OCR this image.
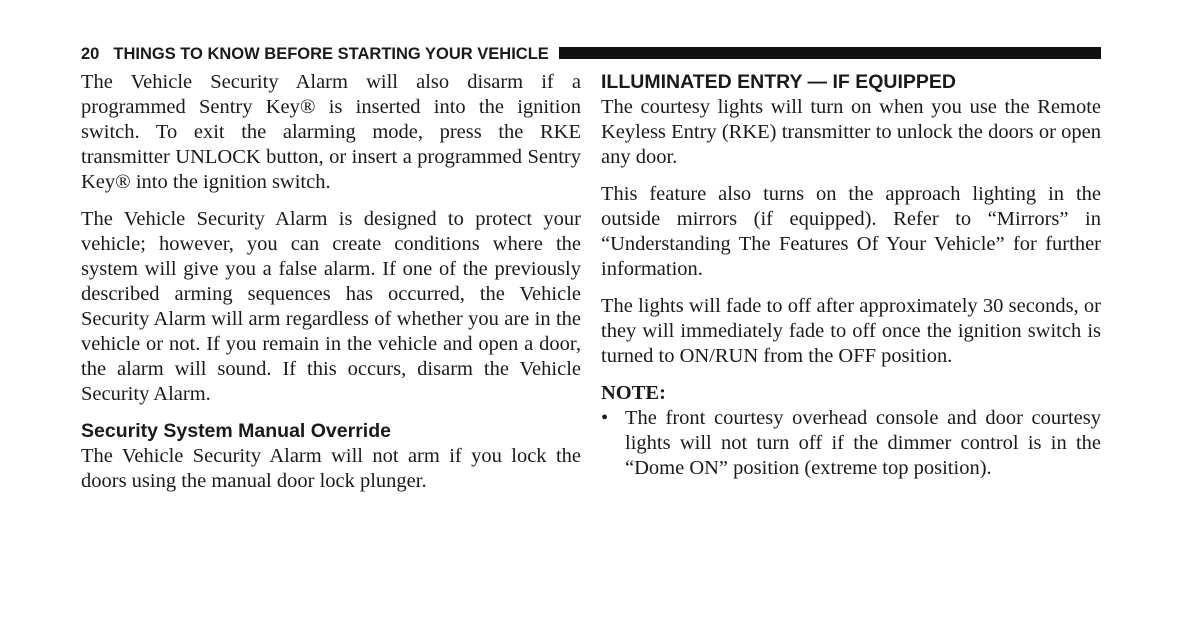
20 THINGS TO KNOW BEFORE STARTING YOUR VEHICLE

The Vehicle Security Alarm will also disarm if a programmed Sentry Key® is inserted into the ignition switch. To exit the alarming mode, press the RKE transmitter UNLOCK button, or insert a programmed Sentry Key® into the ignition switch.

The Vehicle Security Alarm is designed to protect your vehicle; however, you can create conditions where the system will give you a false alarm. If one of the previously described arming sequences has occurred, the Vehicle Security Alarm will arm regardless of whether you are in the vehicle or not. If you remain in the vehicle and open a door, the alarm will sound. If this occurs, disarm the Vehicle Security Alarm.

Security System Manual Override

The Vehicle Security Alarm will not arm if you lock the doors using the manual door lock plunger.

ILLUMINATED ENTRY — IF EQUIPPED

The courtesy lights will turn on when you use the Remote Keyless Entry (RKE) transmitter to unlock the doors or open any door.

This feature also turns on the approach lighting in the outside mirrors (if equipped). Refer to “Mirrors” in “Understanding The Features Of Your Vehicle” for further information.

The lights will fade to off after approximately 30 seconds, or they will immediately fade to off once the ignition switch is turned to ON/RUN from the OFF position.

NOTE:
• The front courtesy overhead console and door courtesy lights will not turn off if the dimmer control is in the “Dome ON” position (extreme top position).
